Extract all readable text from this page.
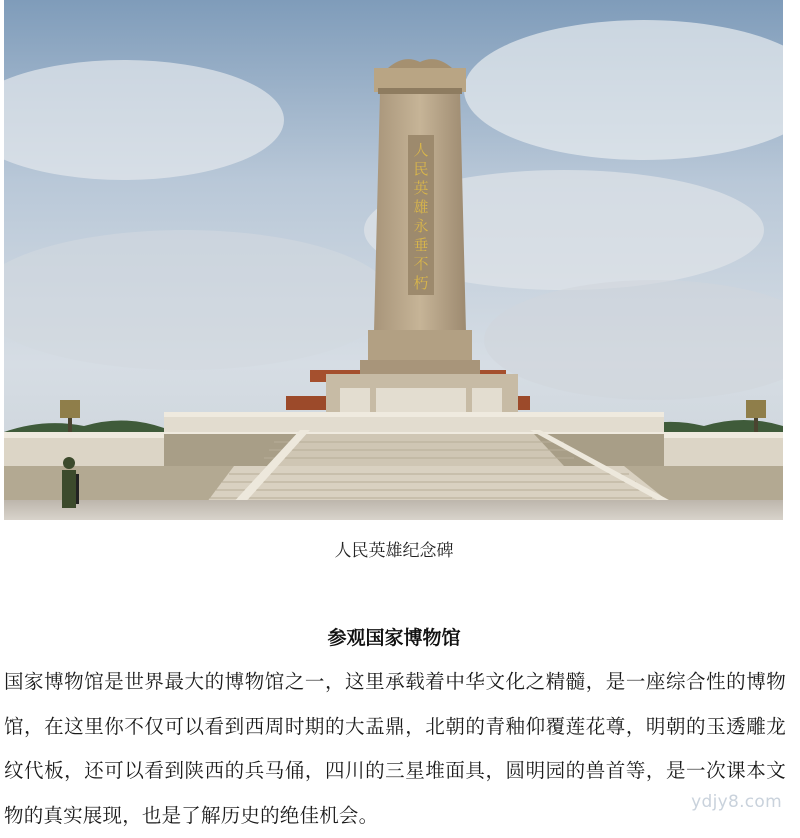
人
民
英
雄
永
垂
不
朽
人民英雄纪念碑
参观国家博物馆
国家博物馆是世界最大的博物馆之一，这里承载着中华文化之精髓，是一座综合性的博物馆，在这里你不仅可以看到西周时期的大盂鼎，北朝的青釉仰覆莲花尊，明朝的玉透雕龙纹代板，还可以看到陕西的兵马俑，四川的三星堆面具，圆明园的兽首等，是一次课本文物的真实展现，也是了解历史的绝佳机会。
ydjy8.com
